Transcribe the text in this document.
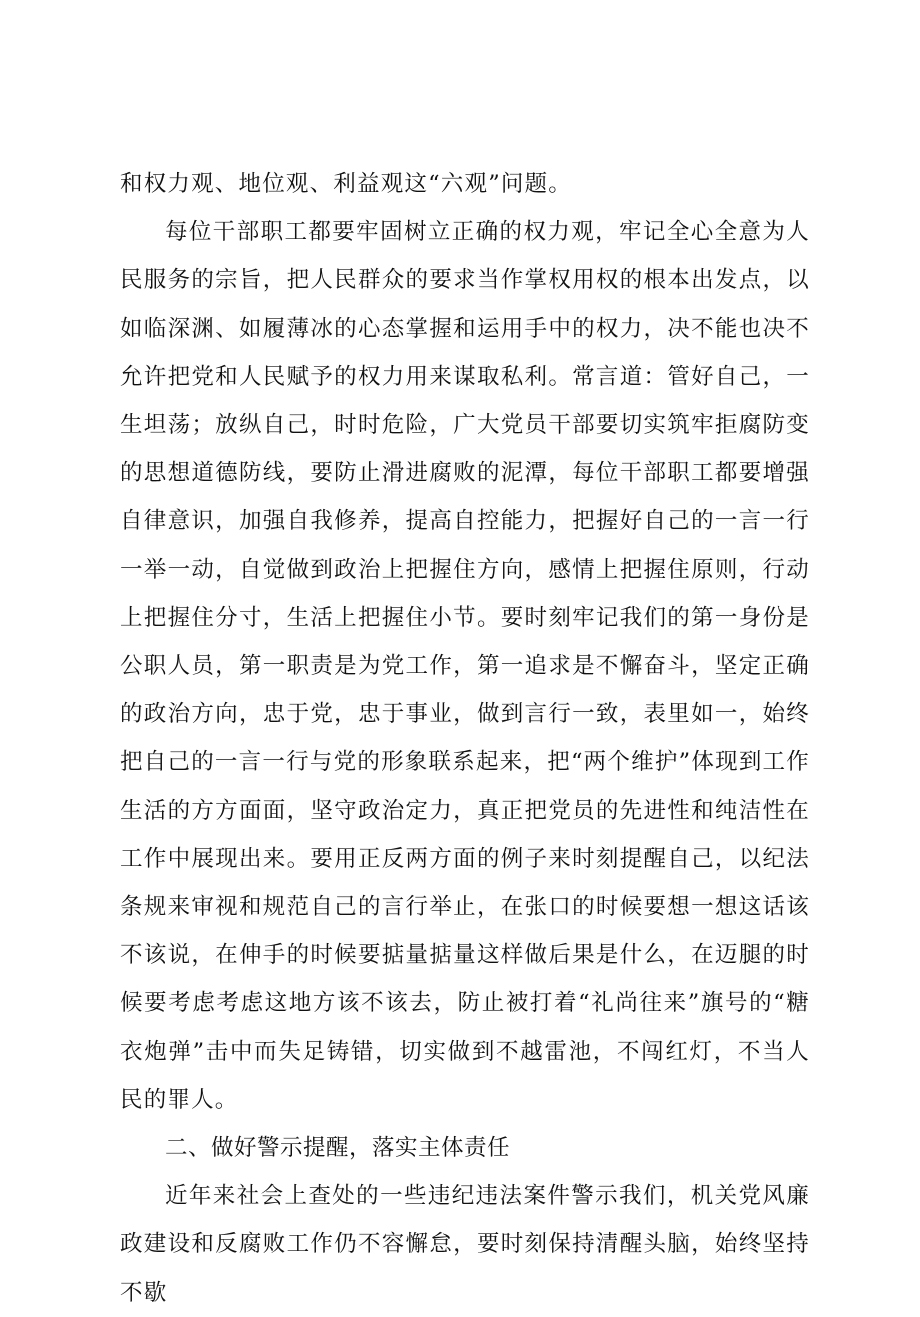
和权力观、地位观、利益观这“六观”问题。

每位干部职工都要牢固树立正确的权力观，牢记全心全意为人民服务的宗旨，把人民群众的要求当作掌权用权的根本出发点，以如临深渊、如履薄冰的心态掌握和运用手中的权力，决不能也决不允许把党和人民赋予的权力用来谋取私利。常言道：管好自己，一生坦荡；放纵自己，时时危险，广大党员干部要切实筑牢拒腐防变的思想道德防线，要防止滑进腐败的泥潭，每位干部职工都要增强自律意识，加强自我修养，提高自控能力，把握好自己的一言一行一举一动，自觉做到政治上把握住方向，感情上把握住原则，行动上把握住分寸，生活上把握住小节。要时刻牢记我们的第一身份是公职人员，第一职责是为党工作，第一追求是不懈奋斗，坚定正确的政治方向，忠于党，忠于事业，做到言行一致，表里如一，始终把自己的一言一行与党的形象联系起来，把“两个维护”体现到工作生活的方方面面，坚守政治定力，真正把党员的先进性和纯洁性在工作中展现出来。要用正反两方面的例子来时刻提醒自己，以纪法条规来审视和规范自己的言行举止，在张口的时候要想一想这话该不该说，在伸手的时候要掂量掂量这样做后果是什么，在迈腿的时候要考虑考虑这地方该不该去，防止被打着“礼尚往来”旗号的“糖衣炮弹”击中而失足铸错，切实做到不越雷池，不闯红灯，不当人民的罪人。

二、做好警示提醒，落实主体责任

近年来社会上查处的一些违纪违法案件警示我们，机关党风廉政建设和反腐败工作仍不容懈怠，要时刻保持清醒头脑，始终坚持不歇
